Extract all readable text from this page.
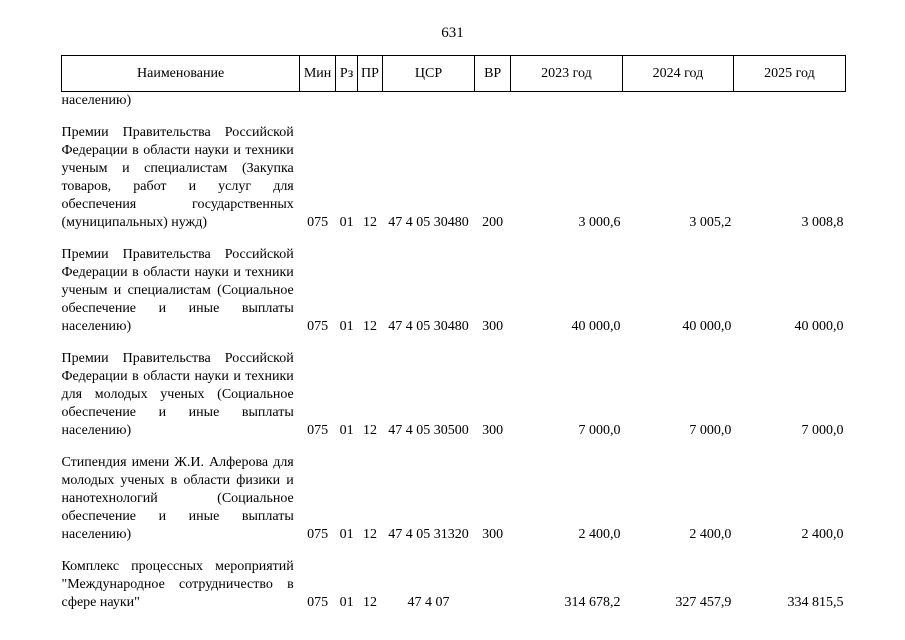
631
Наименование	Мин	Рз	ПР	ЦСР	ВР	2023 год	2024 год	2025 год
населению)								
Премии Правительства Российской Федерации в области науки и техники ученым и специалистам (Закупка товаров, работ и услуг для обеспечения государственных (муниципальных) нужд)	075	01	12	47 4 05 30480	200	3 000,6	3 005,2	3 008,8
Премии Правительства Российской Федерации в области науки и техники ученым и специалистам (Социальное обеспечение и иные выплаты населению)	075	01	12	47 4 05 30480	300	40 000,0	40 000,0	40 000,0
Премии Правительства Российской Федерации в области науки и техники для молодых ученых (Социальное обеспечение и иные выплаты населению)	075	01	12	47 4 05 30500	300	7 000,0	7 000,0	7 000,0
Стипендия имени Ж.И. Алферова для молодых ученых в области физики и нанотехнологий (Социальное обеспечение и иные выплаты населению)	075	01	12	47 4 05 31320	300	2 400,0	2 400,0	2 400,0
Комплекс процессных мероприятий "Международное сотрудничество в сфере науки"	075	01	12	47 4 07		314 678,2	327 457,9	334 815,5
